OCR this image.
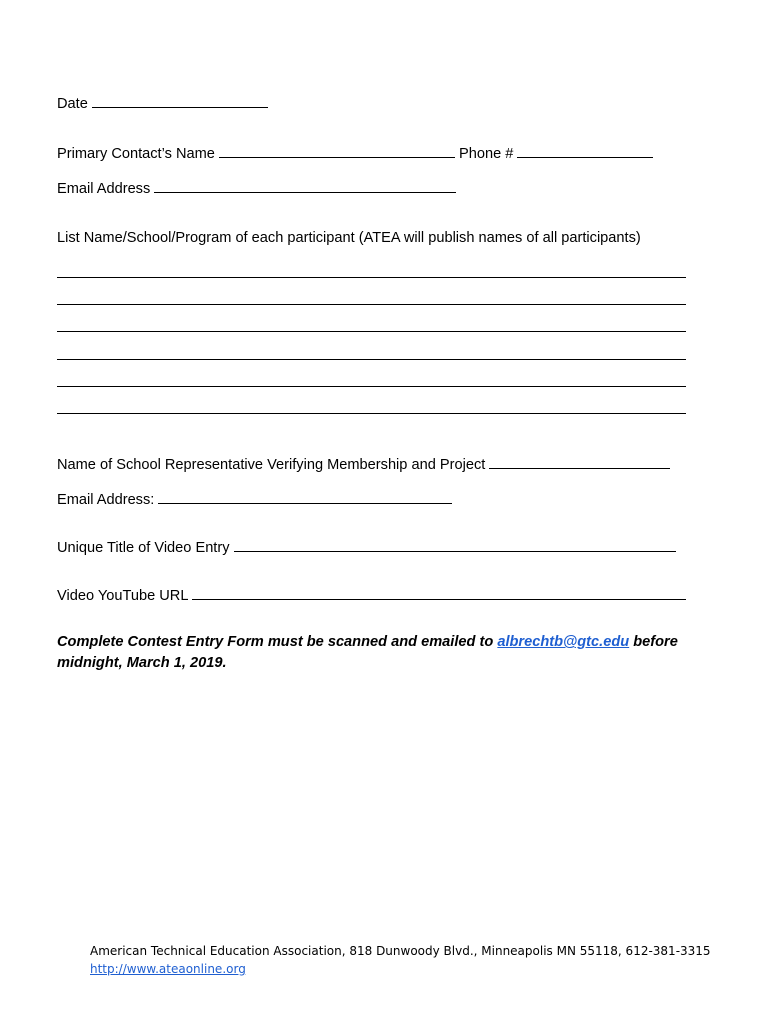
Date
Primary Contact’s Name	Phone #
Email Address
List Name/School/Program of each participant (ATEA will publish names of all participants)
Name of School Representative Verifying Membership and Project
Email Address:
Unique Title of Video Entry
Video YouTube URL
Complete Contest Entry Form must be scanned and emailed to albrechtb@gtc.edu before midnight, March 1, 2019.
American Technical Education Association, 818 Dunwoody Blvd., Minneapolis MN 55118, 612-381-3315
http://www.ateaonline.org
